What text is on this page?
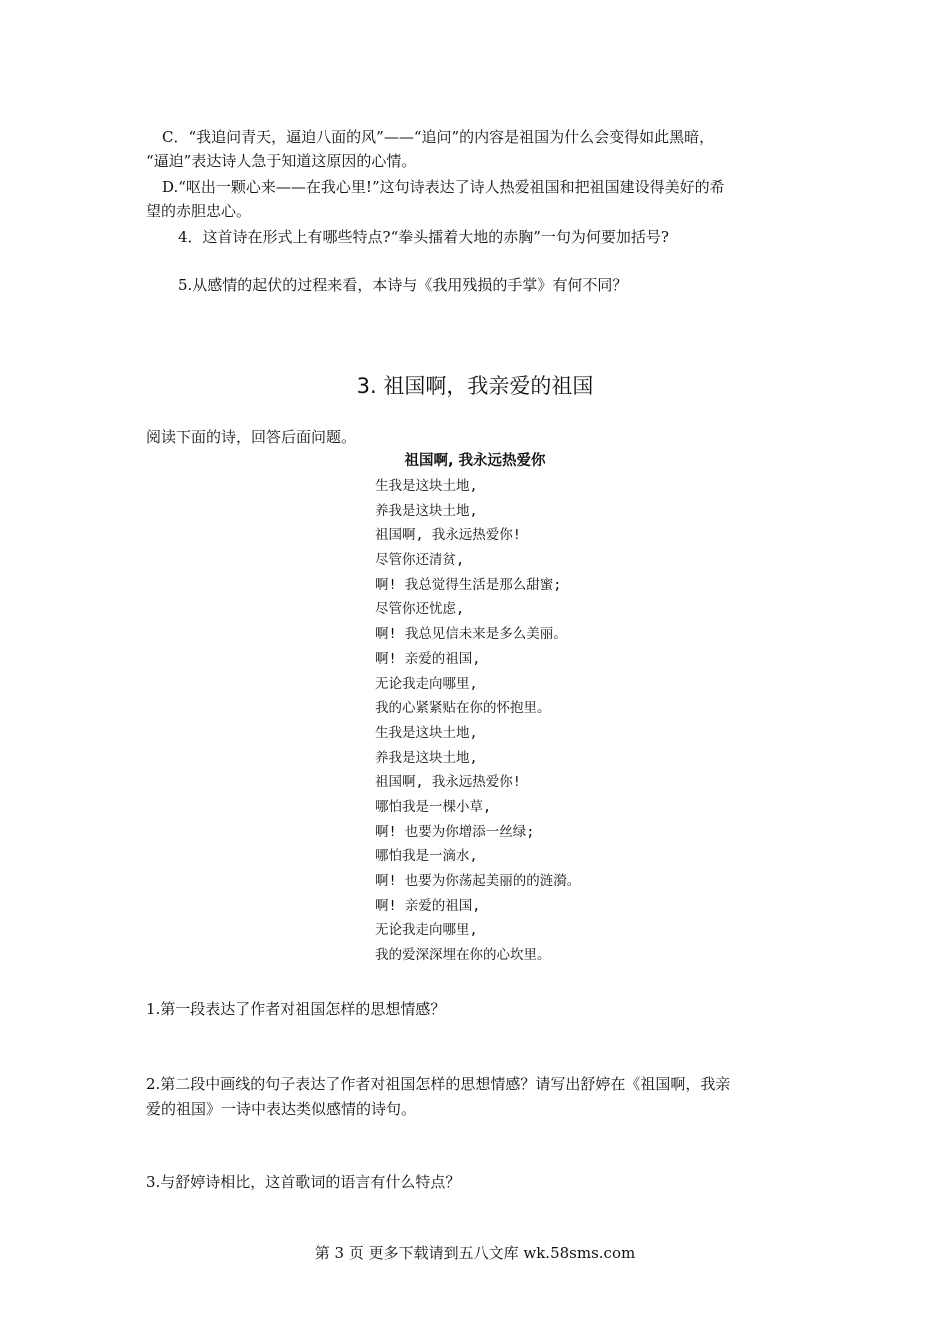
C．“我追问青天，逼迫八面的风”——“追问”的内容是祖国为什么会变得如此黑暗，

“逼迫”表达诗人急于知道这原因的心情。

D.“呕出一颗心来——在我心里!”这句诗表达了诗人热爱祖国和把祖国建设得美好的希

望的赤胆忠心。

4．这首诗在形式上有哪些特点?“拳头擂着大地的赤胸”一句为何要加括号?

5.从感情的起伏的过程来看，本诗与《我用残损的手掌》有何不同？

3. 祖国啊，我亲爱的祖国

阅读下面的诗，回答后面问题。

祖国啊, 我永远热爱你

生我是这块土地,
养我是这块土地,
祖国啊, 我永远热爱你!
尽管你还清贫,
啊! 我总觉得生活是那么甜蜜;
尽管你还忧虑,
啊! 我总见信未来是多么美丽。
啊! 亲爱的祖国,
无论我走向哪里,
我的心紧紧贴在你的怀抱里。
生我是这块土地,
养我是这块土地,
祖国啊, 我永远热爱你!
哪怕我是一棵小草,
啊! 也要为你增添一丝绿;
哪怕我是一滴水,
啊! 也要为你荡起美丽的的涟漪。
啊! 亲爱的祖国,
无论我走向哪里,
我的爱深深埋在你的心坎里。

1.第一段表达了作者对祖国怎样的思想情感？

2.第二段中画线的句子表达了作者对祖国怎样的思想情感？请写出舒婷在《祖国啊，我亲

爱的祖国》一诗中表达类似感情的诗句。

3.与舒婷诗相比，这首歌词的语言有什么特点？

第 3 页 更多下载请到五八文库 wk.58sms.com
